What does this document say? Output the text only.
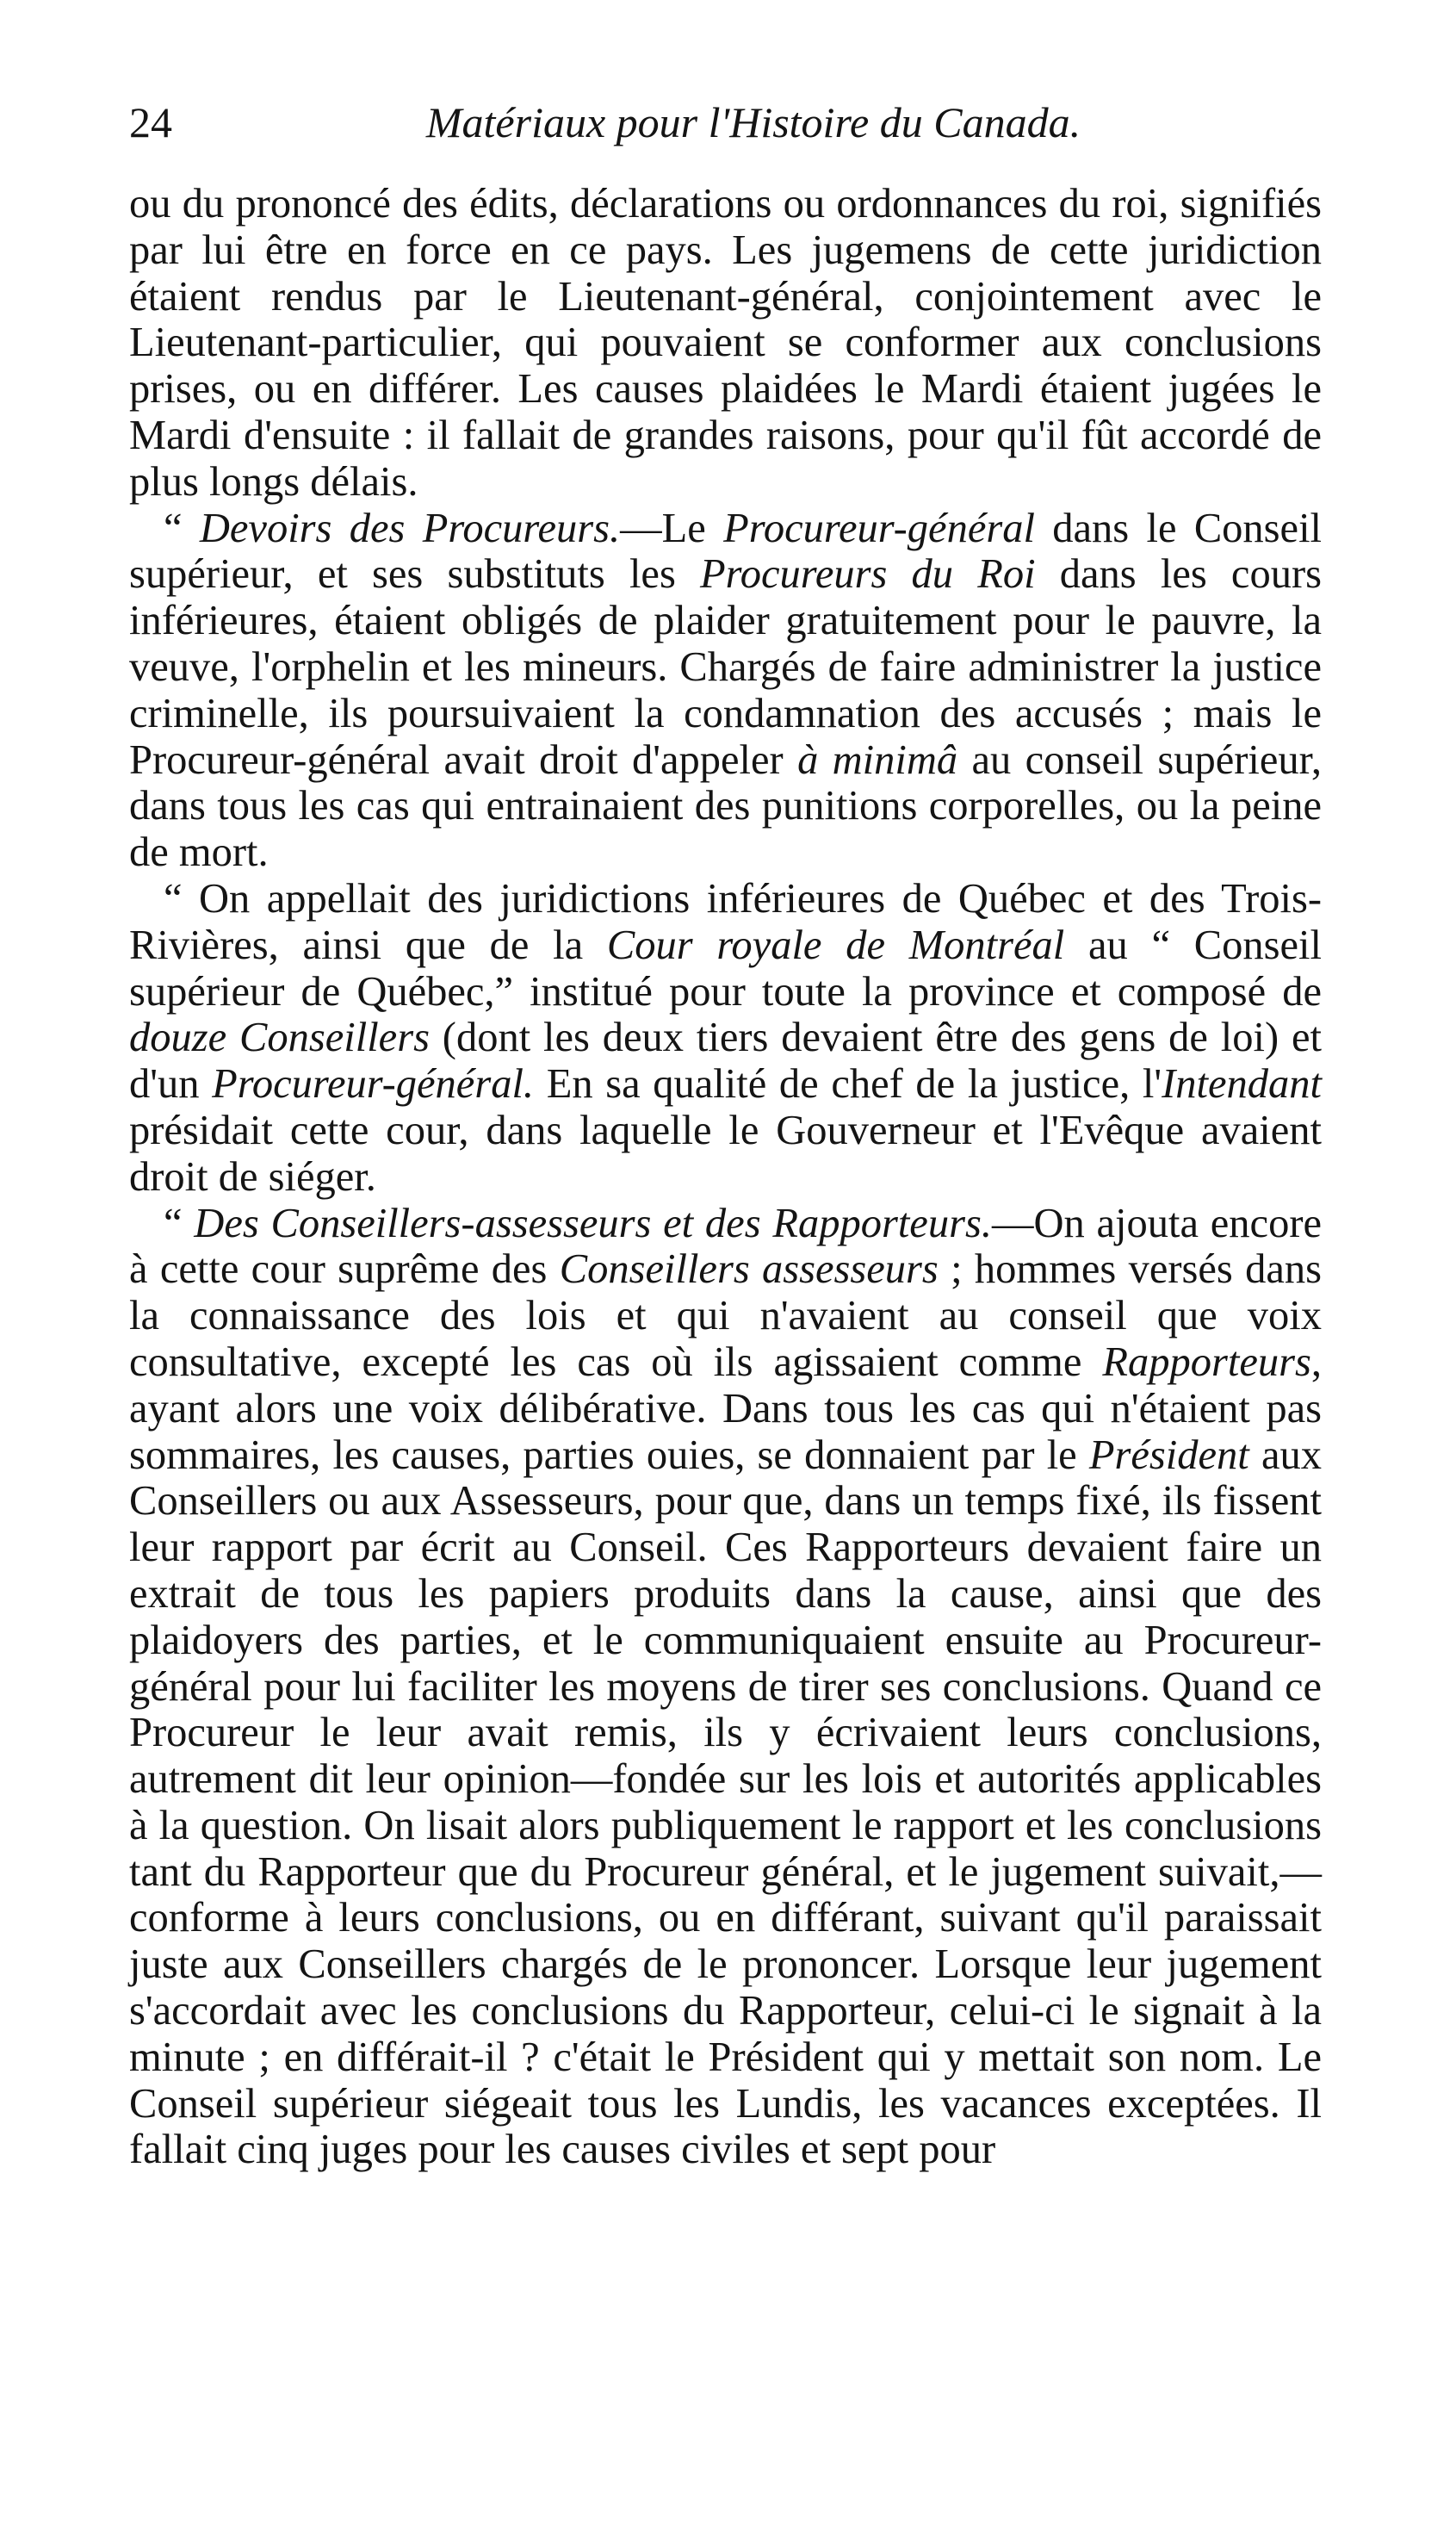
24	Matériaux pour l'Histoire du Canada.

ou du prononcé des édits, déclarations ou ordonnances du roi, signifiés par lui être en force en ce pays. Les jugemens de cette juridiction étaient rendus par le Lieutenant-général, conjointement avec le Lieutenant-particulier, qui pouvaient se conformer aux conclusions prises, ou en différer. Les causes plaidées le Mardi étaient jugées le Mardi d'ensuite : il fallait de grandes raisons, pour qu'il fût accordé de plus longs délais.

“ Devoirs des Procureurs.—Le Procureur-général dans le Conseil supérieur, et ses substituts les Procureurs du Roi dans les cours inférieures, étaient obligés de plaider gratuitement pour le pauvre, la veuve, l'orphelin et les mineurs. Chargés de faire administrer la justice criminelle, ils poursuivaient la condamnation des accusés ; mais le Procureur-général avait droit d'appeler à minimâ au conseil supérieur, dans tous les cas qui entrainaient des punitions corporelles, ou la peine de mort.

“ On appellait des juridictions inférieures de Québec et des Trois-Rivières, ainsi que de la Cour royale de Montréal au “ Conseil supérieur de Québec,” institué pour toute la province et composé de douze Conseillers (dont les deux tiers devaient être des gens de loi) et d'un Procureur-général. En sa qualité de chef de la justice, l'Intendant présidait cette cour, dans laquelle le Gouverneur et l'Evêque avaient droit de siéger.

“ Des Conseillers-assesseurs et des Rapporteurs.—On ajouta encore à cette cour suprême des Conseillers assesseurs ; hommes versés dans la connaissance des lois et qui n'avaient au conseil que voix consultative, excepté les cas où ils agissaient comme Rapporteurs, ayant alors une voix délibérative. Dans tous les cas qui n'étaient pas sommaires, les causes, parties ouies, se donnaient par le Président aux Conseillers ou aux Assesseurs, pour que, dans un temps fixé, ils fissent leur rapport par écrit au Conseil. Ces Rapporteurs devaient faire un extrait de tous les papiers produits dans la cause, ainsi que des plaidoyers des parties, et le communiquaient ensuite au Procureur-général pour lui faciliter les moyens de tirer ses conclusions. Quand ce Procureur le leur avait remis, ils y écrivaient leurs conclusions, autrement dit leur opinion—fondée sur les lois et autorités applicables à la question. On lisait alors publiquement le rapport et les conclusions tant du Rapporteur que du Procureur général, et le jugement suivait,—conforme à leurs conclusions, ou en différant, suivant qu'il paraissait juste aux Conseillers chargés de le prononcer. Lorsque leur jugement s'accordait avec les conclusions du Rapporteur, celui-ci le signait à la minute ; en différait-il ? c'était le Président qui y mettait son nom. Le Conseil supérieur siégeait tous les Lundis, les vacances exceptées. Il fallait cinq juges pour les causes civiles et sept pour
